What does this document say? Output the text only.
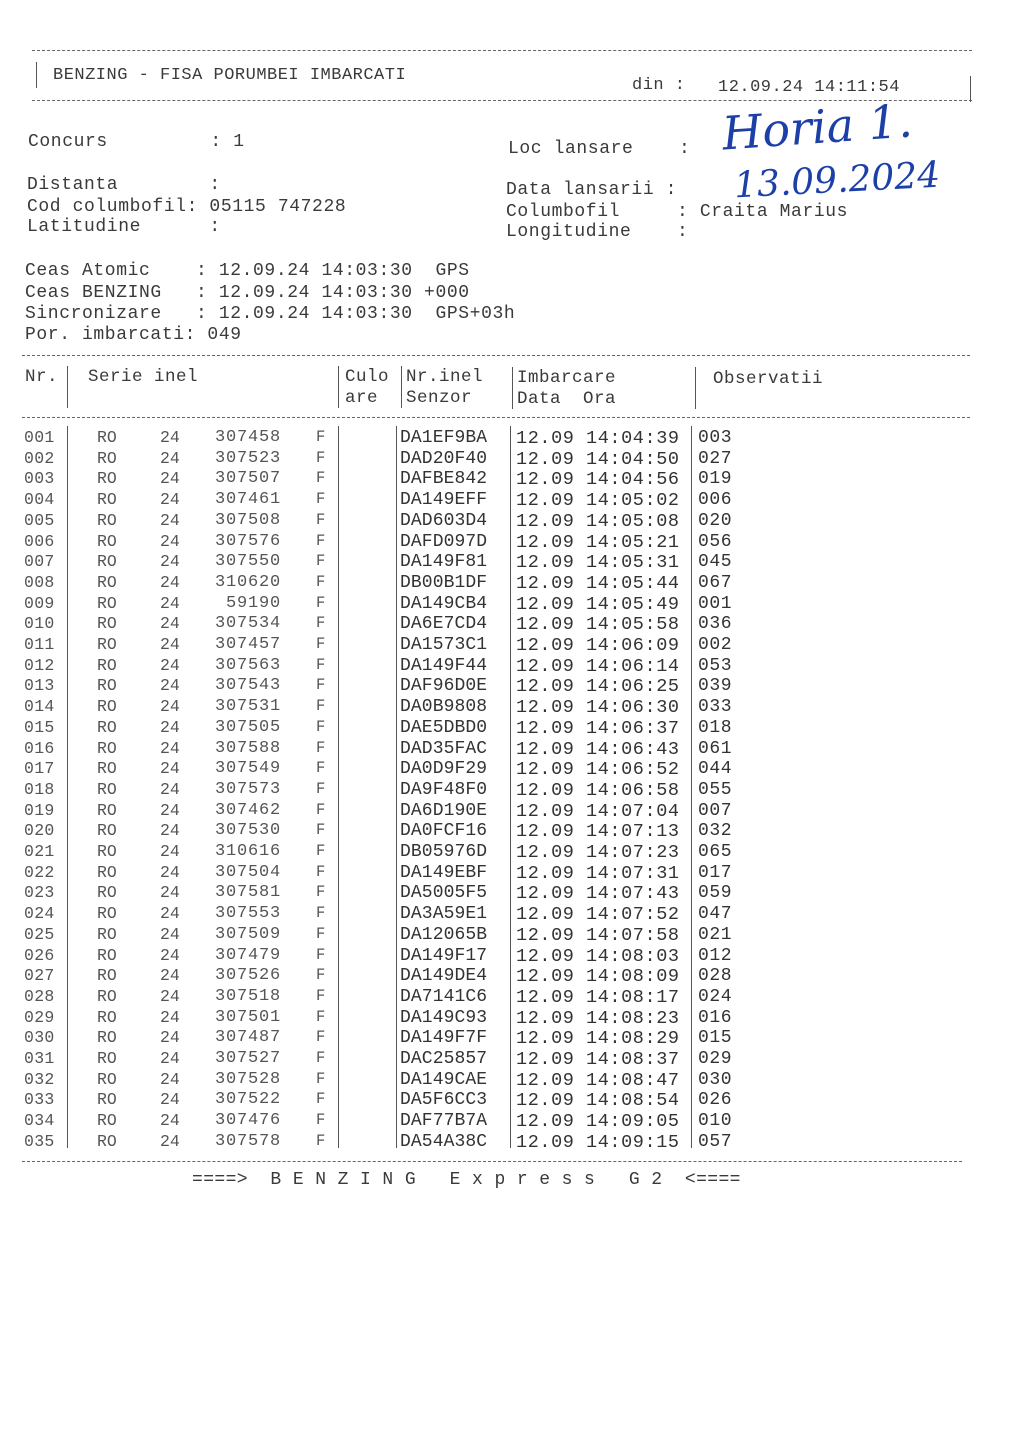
BENZING - FISA PORUMBEI IMBARCATI
din : 12.09.24 14:11:54
Concurs         : 1	Loc lansare    :
Distanta        :	Data lansarii :
Cod columbofil: 05115 747228	Columbofil     : Craita Marius
Latitudine      :	Longitudine    :
Ceas Atomic    : 12.09.24 14:03:30  GPS
Ceas BENZING   : 12.09.24 14:03:30 +000
Sincronizare   : 12.09.24 14:03:30  GPS+03h
Por. imbarcati: 049
Horia 1.
13.09.2024
Nr. Serie inel	Culo
are
Nr.inel
Senzor
Imbarcare
Data  Ora
Observatii
001	RO	24	307458 F	DA1EF9BA 12.09 14:04:39 003
002	RO	24	307523 F	DAD20F40 12.09 14:04:50 027
003	RO	24	307507 F	DAFBE842 12.09 14:04:56 019
004	RO	24	307461 F	DA149EFF 12.09 14:05:02 006
005	RO	24	307508 F	DAD603D4 12.09 14:05:08 020
006	RO	24	307576 F	DAFD097D 12.09 14:05:21 056
007	RO	24	307550 F	DA149F81 12.09 14:05:31 045
008	RO	24	310620 F	DB00B1DF 12.09 14:05:44 067
009	RO	24	59190 F	DA149CB4 12.09 14:05:49 001
010	RO	24	307534 F	DA6E7CD4 12.09 14:05:58 036
011	RO	24	307457 F	DA1573C1 12.09 14:06:09 002
012	RO	24	307563 F	DA149F44 12.09 14:06:14 053
013	RO	24	307543 F	DAF96D0E 12.09 14:06:25 039
014	RO	24	307531 F	DA0B9808 12.09 14:06:30 033
015	RO	24	307505 F	DAE5DBD0 12.09 14:06:37 018
016	RO	24	307588 F	DAD35FAC 12.09 14:06:43 061
017	RO	24	307549 F	DA0D9F29 12.09 14:06:52 044
018	RO	24	307573 F	DA9F48F0 12.09 14:06:58 055
019	RO	24	307462 F	DA6D190E 12.09 14:07:04 007
020	RO	24	307530 F	DA0FCF16 12.09 14:07:13 032
021	RO	24	310616 F	DB05976D 12.09 14:07:23 065
022	RO	24	307504 F	DA149EBF 12.09 14:07:31 017
023	RO	24	307581 F	DA5005F5 12.09 14:07:43 059
024	RO	24	307553 F	DA3A59E1 12.09 14:07:52 047
025	RO	24	307509 F	DA12065B 12.09 14:07:58 021
026	RO	24	307479 F	DA149F17 12.09 14:08:03 012
027	RO	24	307526 F	DA149DE4 12.09 14:08:09 028
028	RO	24	307518 F	DA7141C6 12.09 14:08:17 024
029	RO	24	307501 F	DA149C93 12.09 14:08:23 016
030	RO	24	307487 F	DA149F7F 12.09 14:08:29 015
031	RO	24	307527 F	DAC25857 12.09 14:08:37 029
032	RO	24	307528 F	DA149CAE 12.09 14:08:47 030
033	RO	24	307522 F	DA5F6CC3 12.09 14:08:54 026
034	RO	24	307476 F	DAF77B7A 12.09 14:09:05 010
035	RO	24	307578 F	DA54A38C 12.09 14:09:15 057
====>  B E N Z I N G   E x p r e s s   G 2  <====
